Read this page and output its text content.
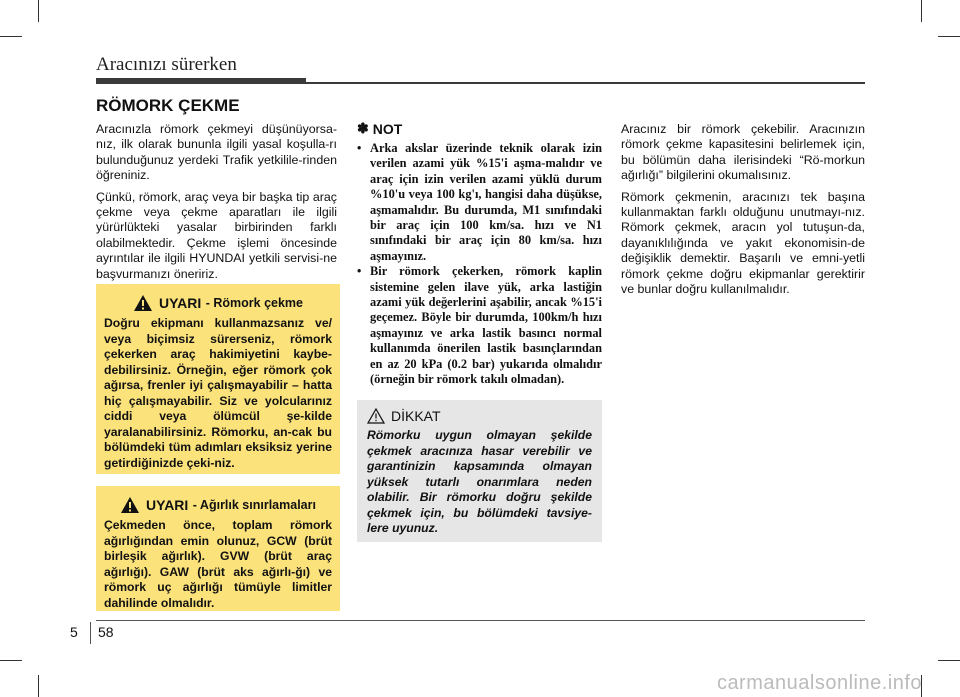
Aracınızı sürerken
RÖMORK ÇEKME

Aracınızla römork çekmeyi düşünüyorsa-nız, ilk olarak bununla ilgili yasal koşulla-rı bulunduğunuz yerdeki Trafik yetkilile-rinden öğreniniz.

Çünkü, römork, araç veya bir başka tip araç çekme veya çekme aparatları ile ilgili yürürlükteki yasalar birbirinden farklı olabilmektedir. Çekme işlemi öncesinde ayrıntılar ile ilgili HYUNDAI yetkili servisi-ne başvurmanızı öneririz.

UYARI
- Römork çekme
Doğru ekipmanı kullanmazsanız ve/ veya biçimsiz sürerseniz, römork çekerken araç hakimiyetini kaybe-debilirsiniz. Örneğin, eğer römork çok ağırsa, frenler iyi çalışmayabilir – hatta hiç çalışmayabilir. Siz ve yolcularınız ciddi veya ölümcül şe-kilde yaralanabilirsiniz. Römorku, an-cak bu bölümdeki tüm adımları eksiksiz yerine getirdiğinizde çeki-niz.
UYARI
- Ağırlık sınırlamaları
Çekmeden önce, toplam römork ağırlığından emin olunuz, GCW (brüt birleşik ağırlık). GVW (brüt araç ağırlığı). GAW (brüt aks ağırlı-ğı) ve römork uç ağırlığı tümüyle limitler dahilinde olmalıdır.
✽ NOT
• Arka akslar üzerinde teknik olarak izin verilen azami yük %15'i aşma-malıdır ve araç için izin verilen azami yüklü durum %10'u veya 100 kg'ı, hangisi daha düşükse, aşmamalıdır. Bu durumda, M1 sınıfındaki bir araç için 100 km/sa. hızı ve N1 sınıfındaki bir araç için 80 km/sa. hızı aşmayınız.
• Bir römork çekerken, römork kaplin sistemine gelen ilave yük, arka lastiğin azami yük değerlerini aşabilir, ancak %15'i geçemez. Böyle bir durumda, 100km/h hızı aşmayınız ve arka lastik basıncı normal kullanımda önerilen lastik basınçlarından en az 20 kPa (0.2 bar) yukarıda olmalıdır (örneğin bir römork takılı olmadan).
DİKKAT
Römorku uygun olmayan şekilde çekmek aracınıza hasar verebilir ve garantinizin kapsamında olmayan yüksek tutarlı onarımlara neden olabilir. Bir römorku doğru şekilde çekmek için, bu bölümdeki tavsiye-lere uyunuz.

Aracınız bir römork çekebilir. Aracınızın römork çekme kapasitesini belirlemek için, bu bölümün daha ilerisindeki “Rö-morkun ağırlığı” bilgilerini okumalısınız.

Römork çekmenin, aracınızı tek başına kullanmaktan farklı olduğunu unutmayı-nız. Römork çekmek, aracın yol tutuşun-da, dayanıklılığında ve yakıt ekonomisin-de değişiklik demektir. Başarılı ve emni-yetli römork çekme doğru ekipmanlar gerektirir ve bunlar doğru kullanılmalıdır.

5 58
carmanualsonline.info
